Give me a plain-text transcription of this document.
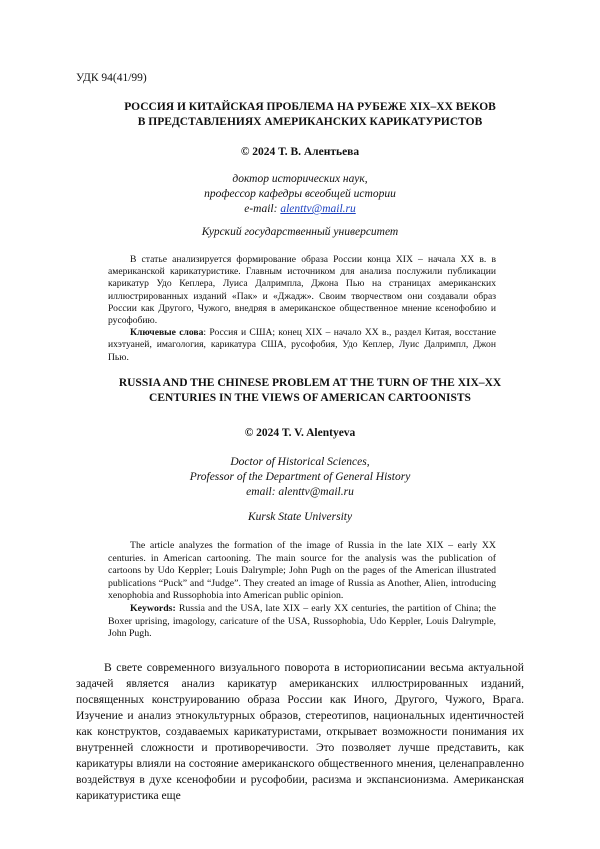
УДК 94(41/99)
РОССИЯ И КИТАЙСКАЯ ПРОБЛЕМА НА РУБЕЖЕ XIX–XX ВЕКОВ
В ПРЕДСТАВЛЕНИЯХ АМЕРИКАНСКИХ КАРИКАТУРИСТОВ
© 2024 Т. В. Алентьева
доктор исторических наук,
профессор кафедры всеобщей истории
e-mail: alenttv@mail.ru
Курский государственный университет

В статье анализируется формирование образа России конца XIX – начала XX в. в американской карикатуристике. Главным источником для анализа послужили публикации карикатур Удо Кеплера, Луиса Далримпла, Джона Пью на страницах американских иллюстрированных изданий «Пак» и «Джадж». Своим творчеством они создавали образ России как Другого, Чужого, внедряя в американское общественное мнение ксенофобию и русофобию.

Ключевые слова: Россия и США; конец XIX – начало XX в., раздел Китая, восстание ихэтуаней, имагология, карикатура США, русофобия, Удо Кеплер, Луис Далримпл, Джон Пью.

RUSSIA AND THE CHINESE PROBLEM AT THE TURN OF THE XIX–XX
CENTURIES IN THE VIEWS OF AMERICAN CARTOONISTS
© 2024 T. V. Alentyeva
Doctor of Historical Sciences,
Professor of the Department of General History
email: alenttv@mail.ru
Kursk State University

The article analyzes the formation of the image of Russia in the late XIX – early XX centuries. in American cartooning. The main source for the analysis was the publication of cartoons by Udo Keppler; Louis Dalrymple; John Pugh on the pages of the American illustrated publications “Puck” and “Judge”. They created an image of Russia as Another, Alien, introducing xenophobia and Russophobia into American public opinion.

Keywords: Russia and the USA, late XIX – early XX centuries, the partition of China; the Boxer uprising, imagology, caricature of the USA, Russophobia, Udo Keppler, Louis Dalrymple, John Pugh.

В свете современного визуального поворота в историописании весьма актуальной задачей является анализ карикатур американских иллюстрированных изданий, посвященных конструированию образа России как Иного, Другого, Чужого, Врага. Изучение и анализ этнокультурных образов, стереотипов, национальных идентичностей как конструктов, создаваемых карикатуристами, открывает возможности понимания их внутренней сложности и противоречивости. Это позволяет лучше представить, как карикатуры влияли на состояние американского общественного мнения, целенаправленно воздействуя в духе ксенофобии и русофобии, расизма и экспансионизма. Американская карикатуристика еще
